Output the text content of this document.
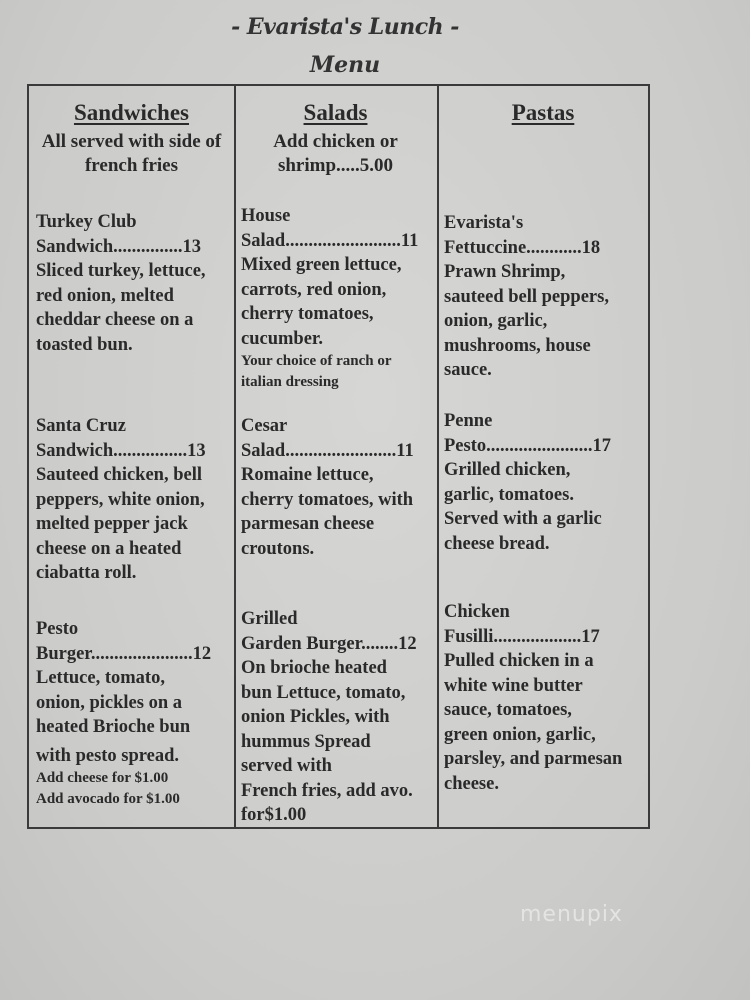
- Evarista's Lunch -
Menu
Sandwiches
All served with side of
french fries
Turkey Club
Sandwich...............13
Sliced turkey, lettuce,
red onion, melted
cheddar cheese on a
toasted bun.
Santa Cruz
Sandwich................13
Sauteed chicken, bell
peppers, white onion,
melted pepper jack
cheese on a heated
ciabatta roll.
Pesto
Burger......................12
Lettuce, tomato,
onion, pickles on a
heated Brioche bun
with pesto spread.
Add cheese for $1.00
Add avocado for $1.00
Salads
Add chicken or
shrimp.....5.00
House
Salad.........................11
Mixed green lettuce,
carrots, red onion,
cherry tomatoes,
cucumber.
Your choice of ranch or
italian dressing
Cesar
Salad........................11
Romaine lettuce,
cherry tomatoes, with
parmesan cheese
croutons.
Grilled
Garden Burger........12
On brioche heated
bun Lettuce, tomato,
onion Pickles, with
hummus Spread
served with
French fries, add avo.
for$1.00
Pastas
Evarista's
Fettuccine............18
Prawn Shrimp,
sauteed bell peppers,
onion, garlic,
mushrooms, house
sauce.
Penne
Pesto.......................17
Grilled chicken,
garlic, tomatoes.
Served with a garlic
cheese bread.
Chicken
Fusilli...................17
Pulled chicken in a
white wine butter
sauce, tomatoes,
green onion, garlic,
parsley, and parmesan
cheese.
menupix
